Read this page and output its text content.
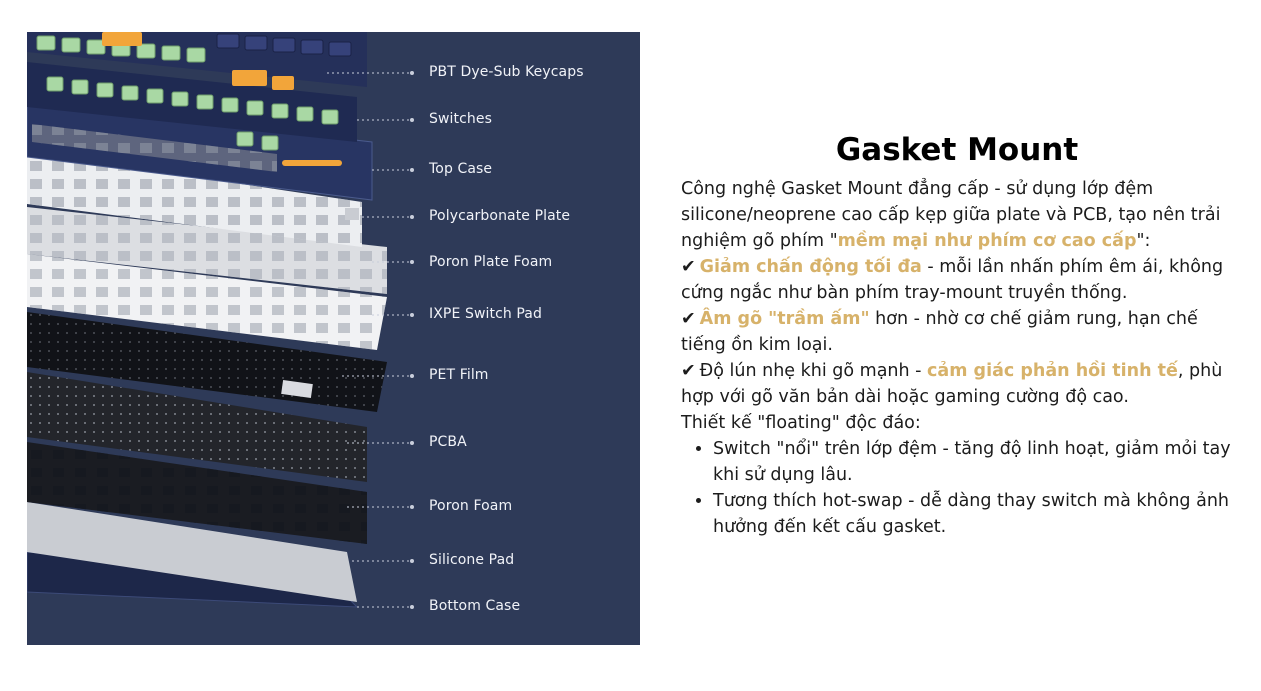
PBT Dye-Sub Keycaps
Switches
Top Case
Polycarbonate Plate
Poron Plate Foam
IXPE Switch Pad
PET Film
PCBA
Poron Foam
Silicone Pad
Bottom Case
Gasket Mount
Công nghệ Gasket Mount đẳng cấp - sử dụng lớp đệm silicone/neoprene cao cấp kẹp giữa plate và PCB, tạo nên trải nghiệm gõ phím "mềm mại như phím cơ cao cấp":
✔ Giảm chấn động tối đa - mỗi lần nhấn phím êm ái, không cứng ngắc như bàn phím tray-mount truyền thống.
✔ Âm gõ "trầm ấm" hơn - nhờ cơ chế giảm rung, hạn chế tiếng ồn kim loại.
✔ Độ lún nhẹ khi gõ mạnh - cảm giác phản hồi tinh tế, phù hợp với gõ văn bản dài hoặc gaming cường độ cao.
Thiết kế "floating" độc đáo:
• Switch "nổi" trên lớp đệm - tăng độ linh hoạt, giảm mỏi tay khi sử dụng lâu.
• Tương thích hot-swap - dễ dàng thay switch mà không ảnh hưởng đến kết cấu gasket.
